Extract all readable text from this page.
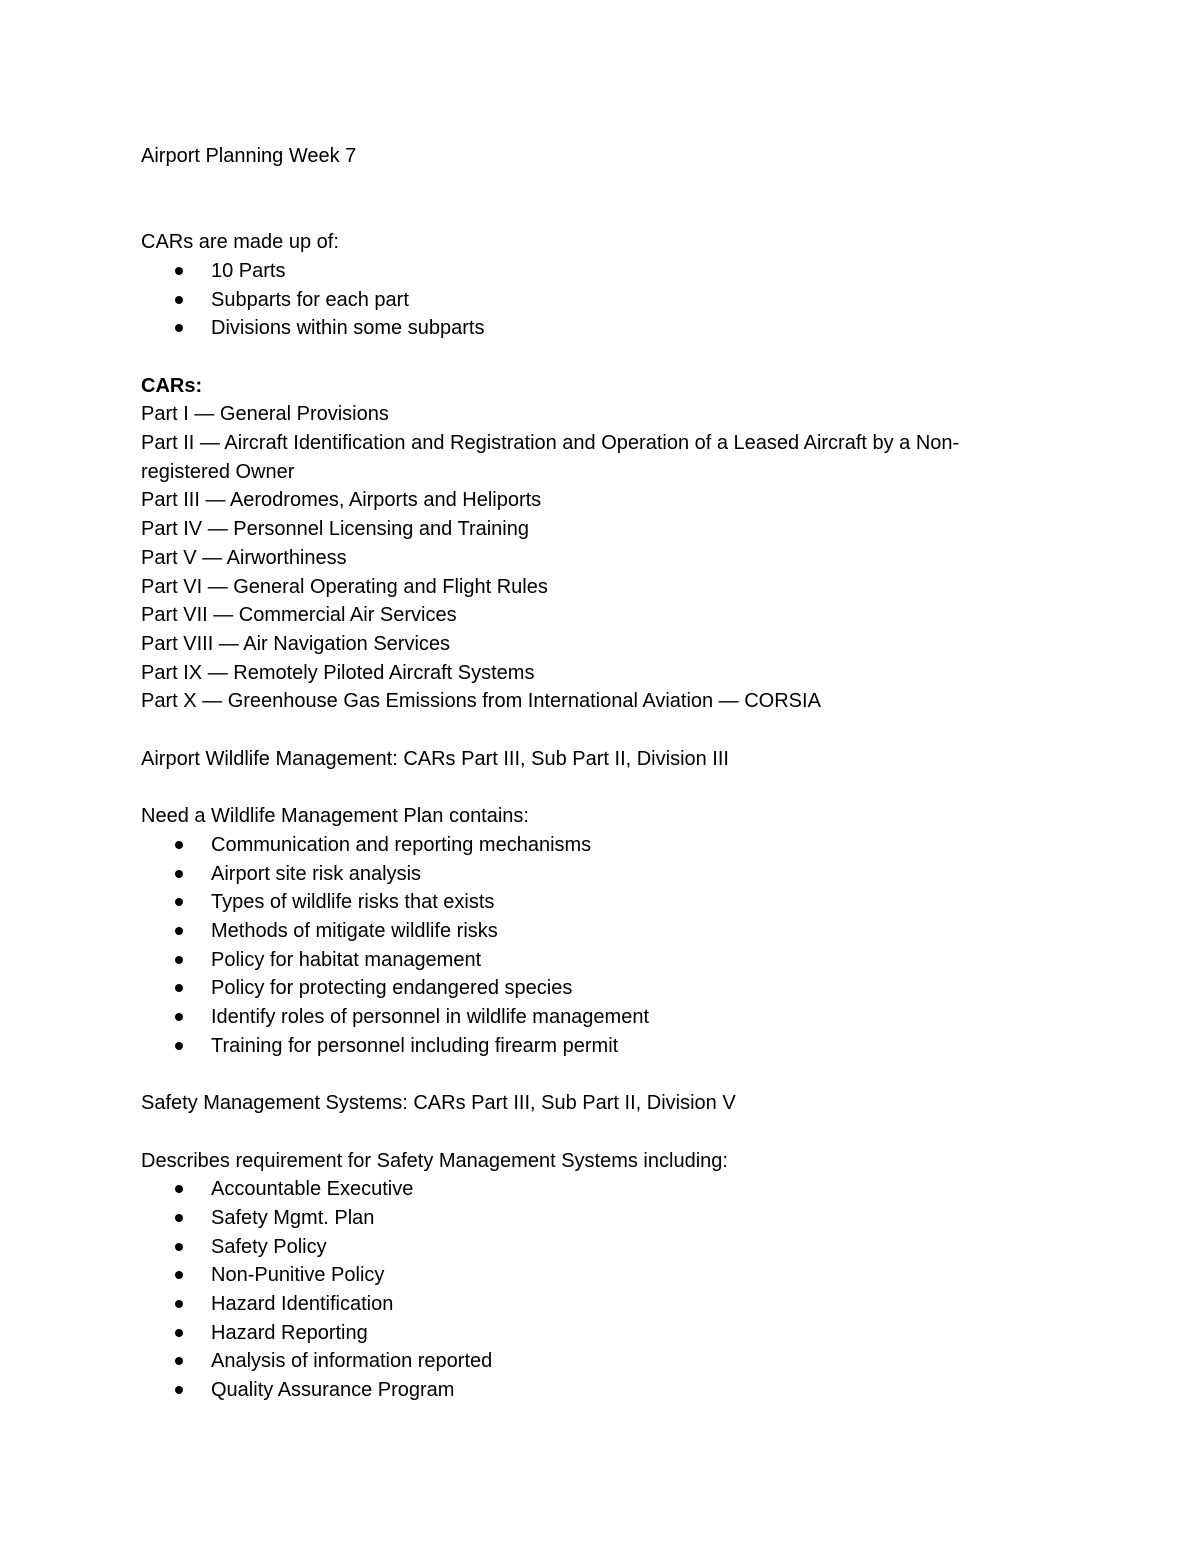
Airport Planning Week 7

CARs are made up of:

10 Parts
Subparts for each part
Divisions within some subparts

CARs:

Part I — General Provisions

Part II — Aircraft Identification and Registration and Operation of a Leased Aircraft by a Non-

registered Owner

Part III — Aerodromes, Airports and Heliports

Part IV — Personnel Licensing and Training

Part V — Airworthiness

Part VI — General Operating and Flight Rules

Part VII — Commercial Air Services

Part VIII — Air Navigation Services

Part IX — Remotely Piloted Aircraft Systems

Part X — Greenhouse Gas Emissions from International Aviation — CORSIA

Airport Wildlife Management: CARs Part III, Sub Part II, Division III

Need a Wildlife Management Plan contains:

Communication and reporting mechanisms
Airport site risk analysis
Types of wildlife risks that exists
Methods of mitigate wildlife risks
Policy for habitat management
Policy for protecting endangered species
Identify roles of personnel in wildlife management
Training for personnel including firearm permit

Safety Management Systems: CARs Part III, Sub Part II, Division V

Describes requirement for Safety Management Systems including:

Accountable Executive
Safety Mgmt. Plan
Safety Policy
Non-Punitive Policy
Hazard Identification
Hazard Reporting
Analysis of information reported
Quality Assurance Program
